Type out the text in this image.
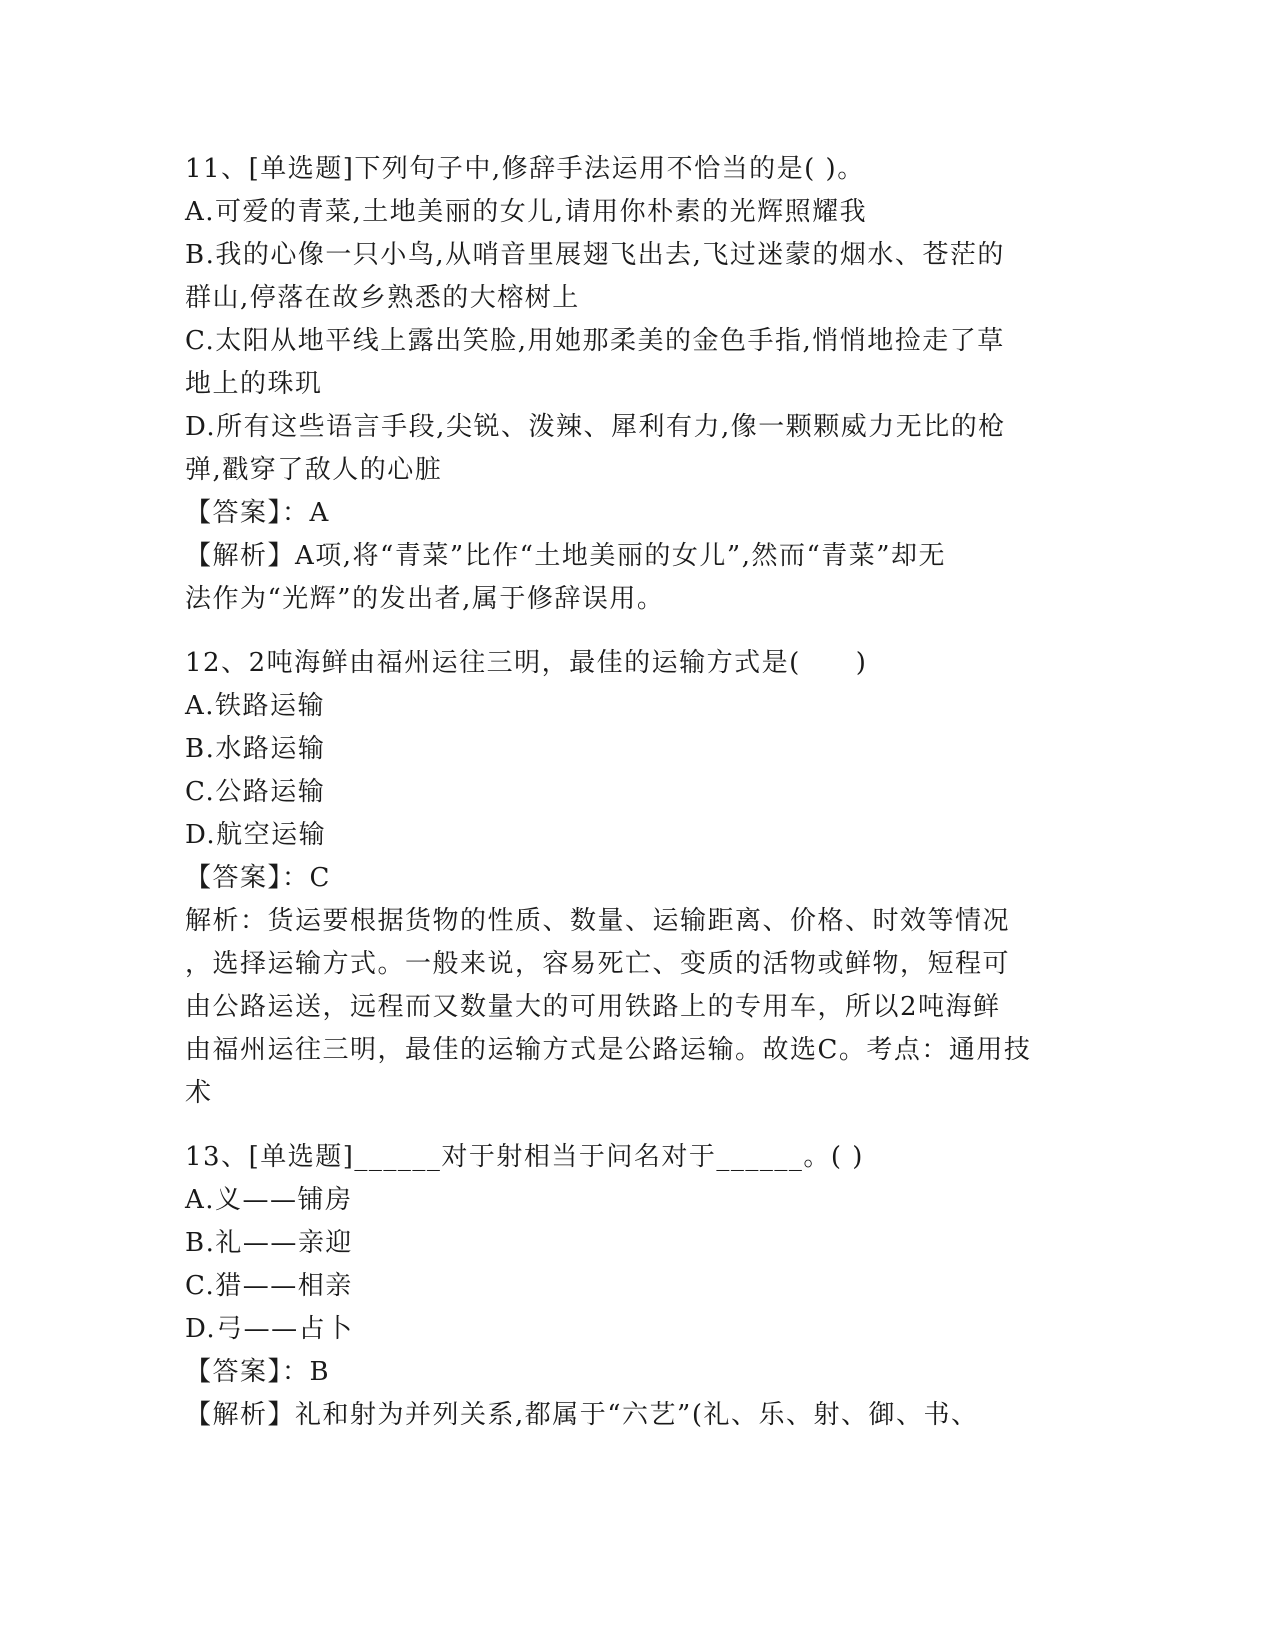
11、[单选题]下列句子中,修辞手法运用不恰当的是( )。
A.可爱的青菜,土地美丽的女儿,请用你朴素的光辉照耀我
B.我的心像一只小鸟,从哨音里展翅飞出去,飞过迷蒙的烟水、苍茫的
群山,停落在故乡熟悉的大榕树上
C.太阳从地平线上露出笑脸,用她那柔美的金色手指,悄悄地捡走了草
地上的珠玑
D.所有这些语言手段,尖锐、泼辣、犀利有力,像一颗颗威力无比的枪
弹,戳穿了敌人的心脏
【答案】：A
【解析】A项,将“青菜”比作“土地美丽的女儿”,然而“青菜”却无
法作为“光辉”的发出者,属于修辞误用。
12、2吨海鲜由福州运往三明，最佳的运输方式是(　　)
A.铁路运输
B.水路运输
C.公路运输
D.航空运输
【答案】：C
解析：货运要根据货物的性质、数量、运输距离、价格、时效等情况
，选择运输方式。一般来说，容易死亡、变质的活物或鲜物，短程可
由公路运送，远程而又数量大的可用铁路上的专用车，所以2吨海鲜
由福州运往三明，最佳的运输方式是公路运输。故选C。考点：通用技
术
13、[单选题]______对于射相当于问名对于______。( )
A.义——铺房
B.礼——亲迎
C.猎——相亲
D.弓——占卜
【答案】：B
【解析】礼和射为并列关系,都属于“六艺”(礼、乐、射、御、书、
